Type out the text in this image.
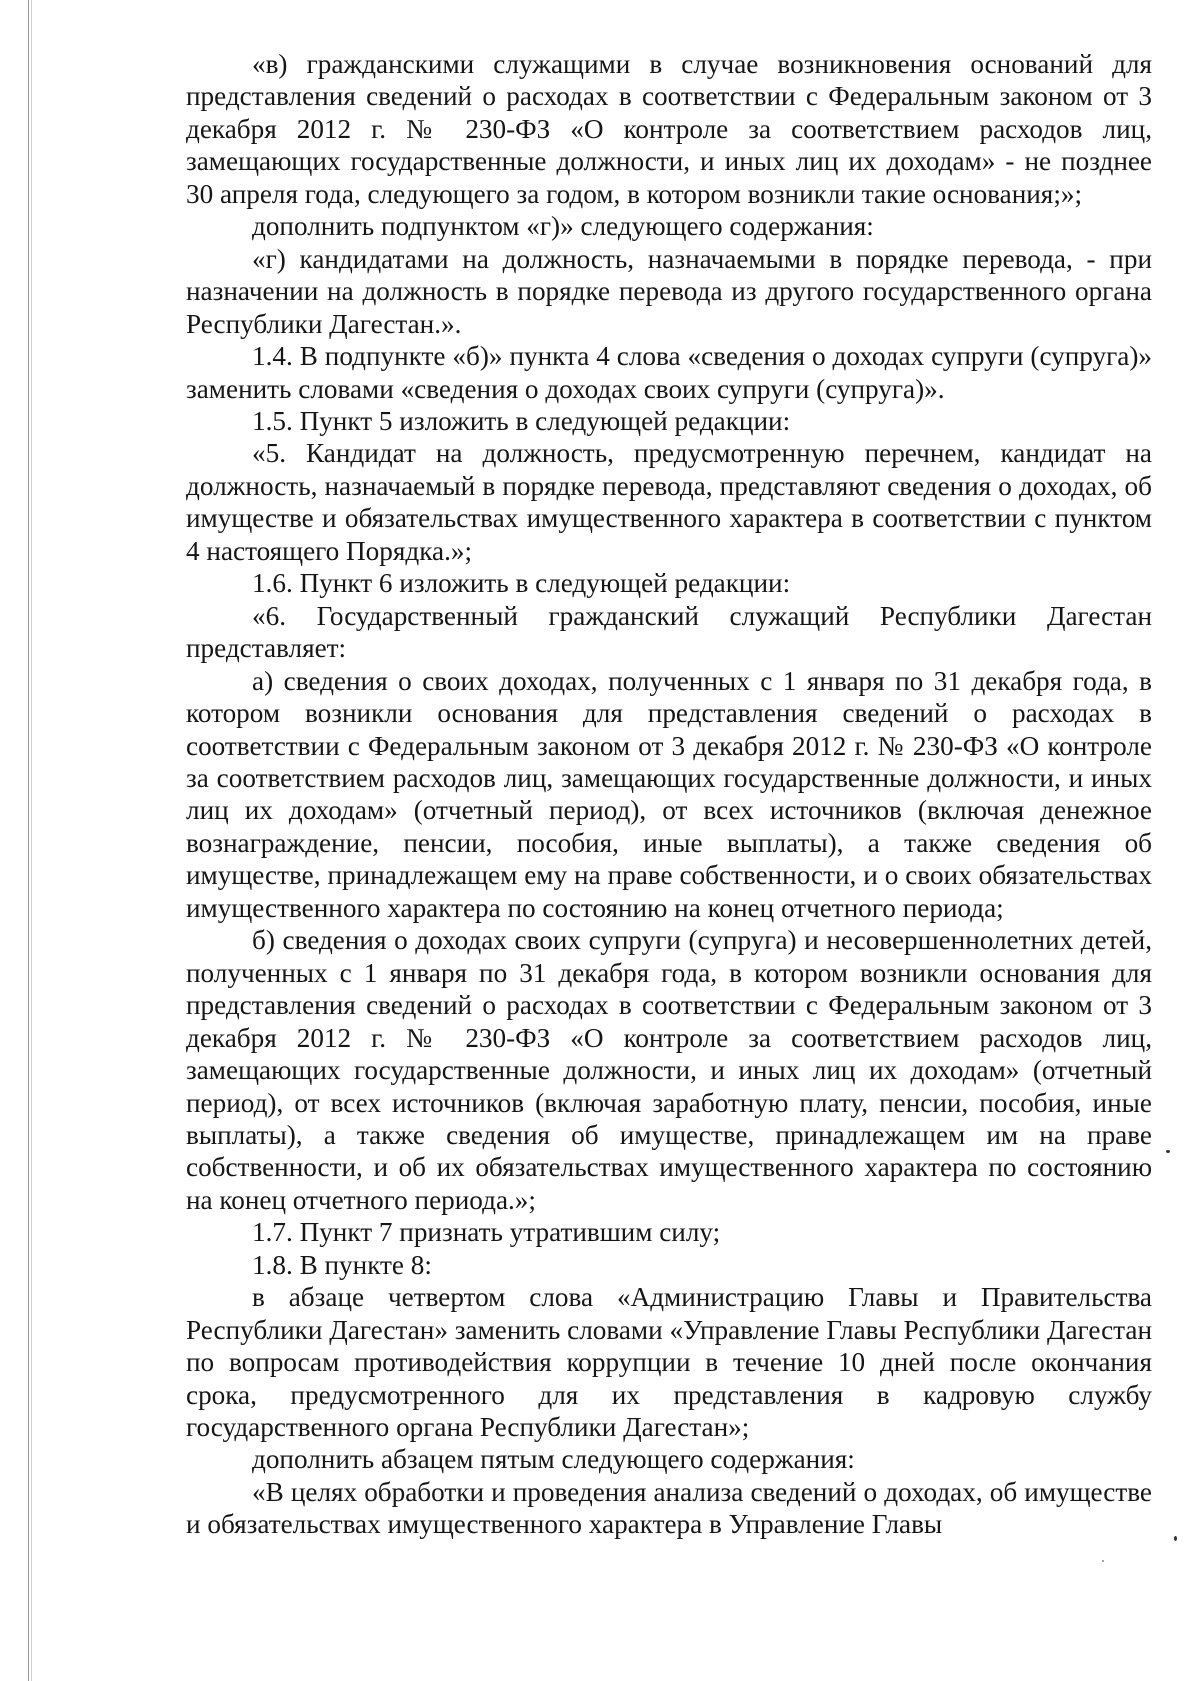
«в) гражданскими служащими в случае возникновения оснований для представления сведений о расходах в соответствии с Федеральным законом от 3 декабря 2012 г. № 230-ФЗ «О контроле за соответствием расходов лиц, замещающих государственные должности, и иных лиц их доходам» - не позднее 30 апреля года, следующего за годом, в котором возникли такие основания;»;

дополнить подпунктом «г)» следующего содержания:

«г) кандидатами на должность, назначаемыми в порядке перевода, - при назначении на должность в порядке перевода из другого государственного органа Республики Дагестан.».

1.4. В подпункте «б)» пункта 4 слова «сведения о доходах супруги (супруга)» заменить словами «сведения о доходах своих супруги (супруга)».

1.5. Пункт 5 изложить в следующей редакции:

«5. Кандидат на должность, предусмотренную перечнем, кандидат на должность, назначаемый в порядке перевода, представляют сведения о доходах, об имуществе и обязательствах имущественного характера в соответствии с пунктом 4 настоящего Порядка.»;

1.6. Пункт 6 изложить в следующей редакции:

«6. Государственный гражданский служащий Республики Дагестан представляет:

а) сведения о своих доходах, полученных с 1 января по 31 декабря года, в котором возникли основания для представления сведений о расходах в соответствии с Федеральным законом от 3 декабря 2012 г. № 230-ФЗ «О контроле за соответствием расходов лиц, замещающих государственные должности, и иных лиц их доходам» (отчетный период), от всех источников (включая денежное вознаграждение, пенсии, пособия, иные выплаты), а также сведения об имуществе, принадлежащем ему на праве собственности, и о своих обязательствах имущественного характера по состоянию на конец отчетного периода;

б) сведения о доходах своих супруги (супруга) и несовершеннолетних детей, полученных с 1 января по 31 декабря года, в котором возникли основания для представления сведений о расходах в соответствии с Федеральным законом от 3 декабря 2012 г. № 230-ФЗ «О контроле за соответствием расходов лиц, замещающих государственные должности, и иных лиц их доходам» (отчетный период), от всех источников (включая заработную плату, пенсии, пособия, иные выплаты), а также сведения об имуществе, принадлежащем им на праве собственности, и об их обязательствах имущественного характера по состоянию на конец отчетного периода.»;

1.7. Пункт 7 признать утратившим силу;

1.8. В пункте 8:

в абзаце четвертом слова «Администрацию Главы и Правительства Республики Дагестан» заменить словами «Управление Главы Республики Дагестан по вопросам противодействия коррупции в течение 10 дней после окончания срока, предусмотренного для их представления в кадровую службу государственного органа Республики Дагестан»;

дополнить абзацем пятым следующего содержания:

«В целях обработки и проведения анализа сведений о доходах, об имуществе и обязательствах имущественного характера в Управление Главы
